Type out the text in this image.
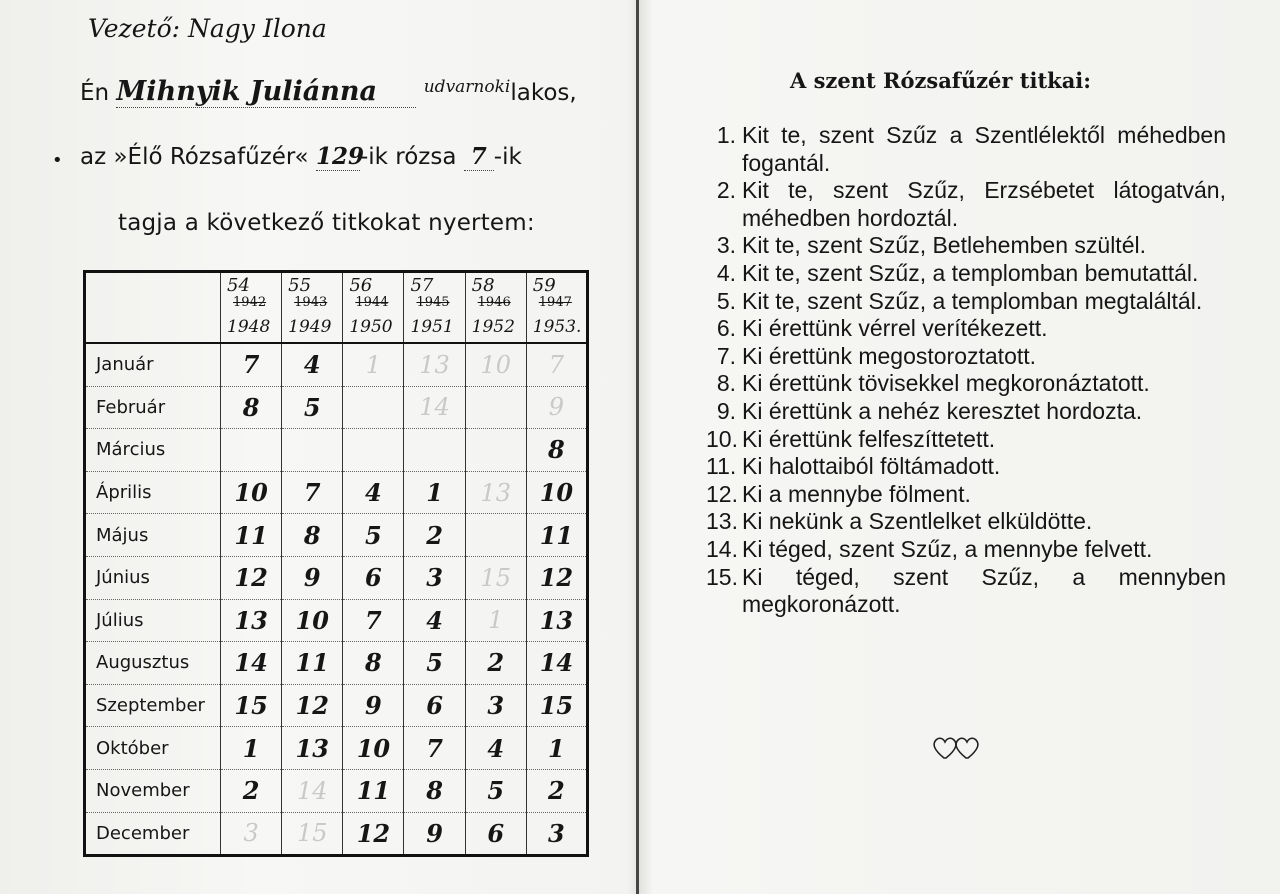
Vezető: Nagy Ilona
Én Mihnyik Juliánna	$^{udvarnoki}$lakos,
• az »Élő Rózsafűzér« 129-ik rózsa 7 -ik
tagja a következő titkokat nyertem:

	54
1942
1948	55
1943
1949	56
1944
1950	57
1945
1951	58
1946
1952	59
1947
1953.

Január	7	4	1	13	10	7
Február	8	5		14		9
Március						8
Április	10	7	4	1	13	10
Május	11	8	5	2		11
Június	12	9	6	3	15	12
Július	13	10	7	4	1	13
Augusztus	14	11	8	5	2	14
Szeptember	15	12	9	6	3	15
Október	1	13	10	7	4	1
November	2	14	11	8	5	2
December	3	15	12	9	6	3
A szent Rózsafűzér titkai:
1. Kit te, szent Szűz a Szentlélektől méhedben fogantál.
2. Kit te, szent Szűz, Erzsébetet látogatván, méhedben hordoztál.
3. Kit te, szent Szűz, Betlehemben szültél.
4. Kit te, szent Szűz, a templomban bemutattál.
5. Kit te, szent Szűz, a templomban megtaláltál.
6. Ki érettünk vérrel verítékezett.
7. Ki érettünk megostoroztatott.
8. Ki érettünk tövisekkel megkoronáztatott.
9. Ki érettünk a nehéz keresztet hordozta.
10. Ki érettünk felfeszíttetett.
11. Ki halottaiból föltámadott.
12. Ki a mennybe fölment.
13. Ki nekünk a Szentlelket elküldötte.
14. Ki téged, szent Szűz, a mennybe felvett.
15. Ki téged, szent Szűz, a mennyben megkoronázott.
